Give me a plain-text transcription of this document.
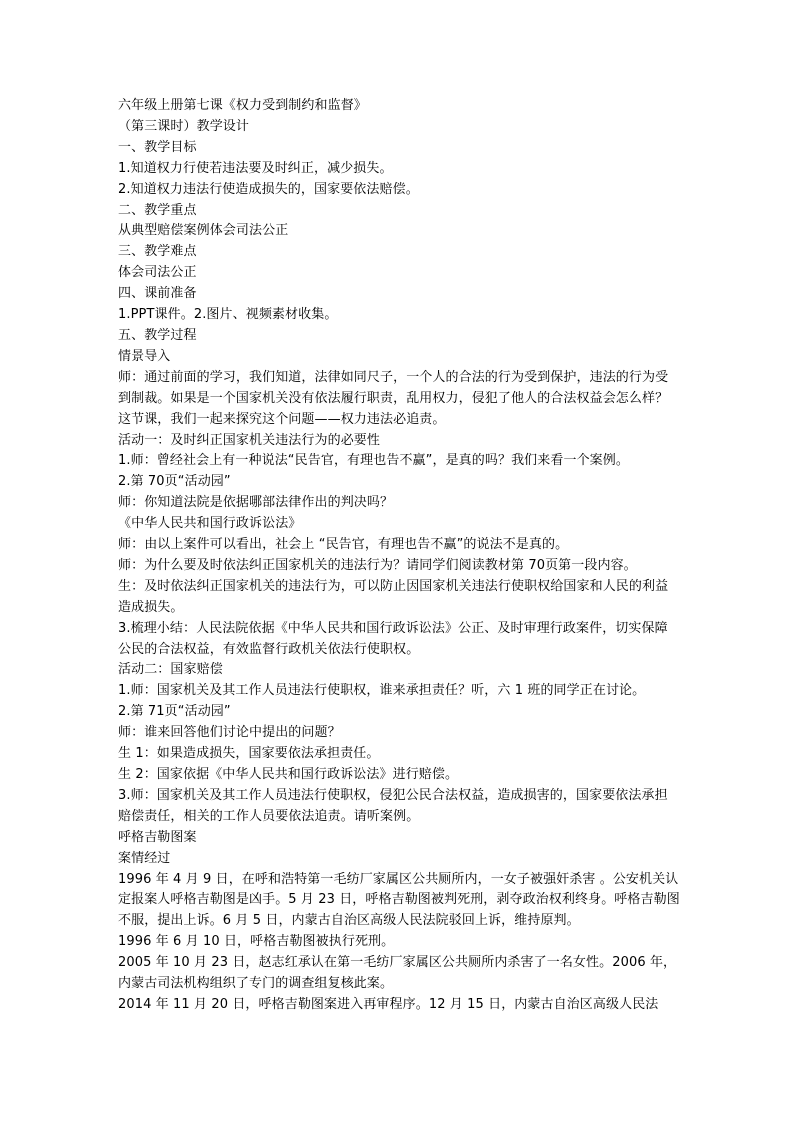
六年级上册第七课《权力受到制约和监督》

（第三课时）教学设计

一、教学目标

1.知道权力行使若违法要及时纠正，减少损失。

2.知道权力违法行使造成损失的，国家要依法赔偿。

二、教学重点

从典型赔偿案例体会司法公正

三、教学难点

体会司法公正

四、课前准备

1.PPT课件。2.图片、视频素材收集。

五、教学过程

情景导入

师：通过前面的学习，我们知道，法律如同尺子，一个人的合法的行为受到保护，违法的行为受到制裁。如果是一个国家机关没有依法履行职责，乱用权力，侵犯了他人的合法权益会怎么样？这节课，我们一起来探究这个问题——权力违法必追责。

活动一：及时纠正国家机关违法行为的必要性

1.师：曾经社会上有一种说法“民告官，有理也告不赢”，是真的吗？我们来看一个案例。

2.第 70页“活动园”

师：你知道法院是依据哪部法律作出的判决吗？

《中华人民共和国行政诉讼法》

师：由以上案件可以看出，社会上 “民告官，有理也告不赢”的说法不是真的。

师：为什么要及时依法纠正国家机关的违法行为？请同学们阅读教材第 70页第一段内容。

生：及时依法纠正国家机关的违法行为，可以防止因国家机关违法行使职权给国家和人民的利益造成损失。

3.梳理小结：人民法院依据《中华人民共和国行政诉讼法》公正、及时审理行政案件，切实保障公民的合法权益，有效监督行政机关依法行使职权。

活动二：国家赔偿

1.师：国家机关及其工作人员违法行使职权，谁来承担责任？听，六 1 班的同学正在讨论。

2.第 71页“活动园”

师：谁来回答他们讨论中提出的问题？

生 1：如果造成损失，国家要依法承担责任。

生 2：国家依据《中华人民共和国行政诉讼法》进行赔偿。

3.师：国家机关及其工作人员违法行使职权，侵犯公民合法权益，造成损害的，国家要依法承担赔偿责任，相关的工作人员要依法追责。请听案例。

呼格吉勒图案

案情经过

1996 年 4 月 9 日，在呼和浩特第一毛纺厂家属区公共厕所内，一女子被强奸杀害 。公安机关认定报案人呼格吉勒图是凶手。5 月 23 日，呼格吉勒图被判死刑，剥夺政治权利终身。呼格吉勒图不服，提出上诉。6 月 5 日，内蒙古自治区高级人民法院驳回上诉，维持原判。

1996 年 6 月 10 日，呼格吉勒图被执行死刑。

2005 年 10 月 23 日，赵志红承认在第一毛纺厂家属区公共厕所内杀害了一名女性。2006 年，内蒙古司法机构组织了专门的调查组复核此案。

2014 年 11 月 20 日，呼格吉勒图案进入再审程序。12 月 15 日，内蒙古自治区高级人民法
